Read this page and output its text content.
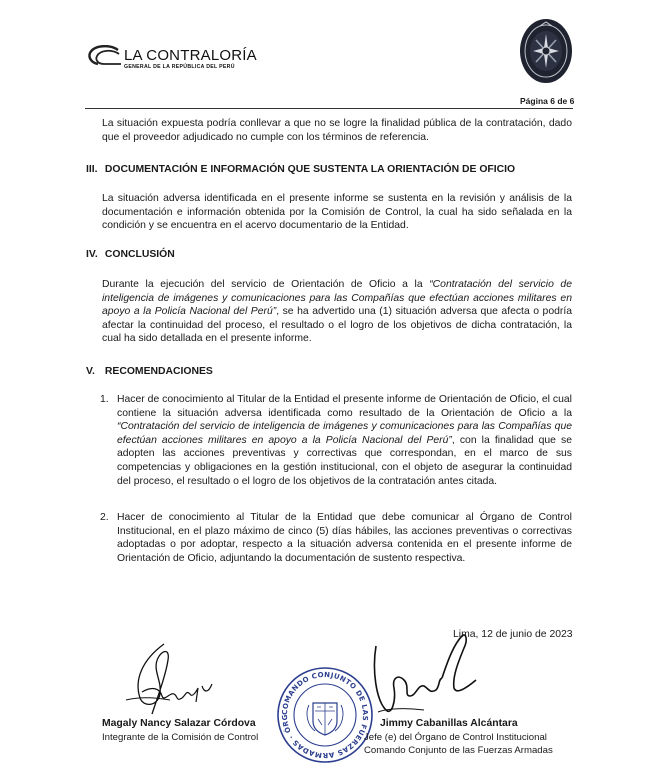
LA CONTRALORÍA
GENERAL DE LA REPÚBLICA DEL PERÚ
Página 6 de 6

La situación expuesta podría conllevar a que no se logre la finalidad pública de la contratación, dado que el proveedor adjudicado no cumple con los términos de referencia.

III. DOCUMENTACIÓN E INFORMACIÓN QUE SUSTENTA LA ORIENTACIÓN DE OFICIO

La situación adversa identificada en el presente informe se sustenta en la revisión y análisis de la documentación e información obtenida por la Comisión de Control, la cual ha sido señalada en la condición y se encuentra en el acervo documentario de la Entidad.

IV. CONCLUSIÓN

Durante la ejecución del servicio de Orientación de Oficio a la “Contratación del servicio de inteligencia de imágenes y comunicaciones para las Compañías que efectúan acciones militares en apoyo a la Policía Nacional del Perú”, se ha advertido una (1) situación adversa que afecta o podría afectar la continuidad del proceso, el resultado o el logro de los objetivos de dicha contratación, la cual ha sido detallada en el presente informe.

V. RECOMENDACIONES
1. Hacer de conocimiento al Titular de la Entidad el presente informe de Orientación de Oficio, el cual contiene la situación adversa identificada como resultado de la Orientación de Oficio a la “Contratación del servicio de inteligencia de imágenes y comunicaciones para las Compañías que efectúan acciones militares en apoyo a la Policía Nacional del Perú”, con la finalidad que se adopten las acciones preventivas y correctivas que correspondan, en el marco de sus competencias y obligaciones en la gestión institucional, con el objeto de asegurar la continuidad del proceso, el resultado o el logro de los objetivos de la contratación antes citada.

2. Hacer de conocimiento al Titular de la Entidad que debe comunicar al Órgano de Control Institucional, en el plazo máximo de cinco (5) días hábiles, las acciones preventivas o correctivas adoptadas o por adoptar, respecto a la situación adversa contenida en el presente informe de Orientación de Oficio, adjuntando la documentación de sustento respectiva.

Lima, 12 de junio de 2023
COMANDO CONJUNTO DE LAS FUERZAS ARMADAS · ÓRG
Magaly Nancy Salazar Córdova
Integrante de la Comisión de Control
Jimmy Cabanillas Alcántara
Jefe (e) del Órgano de Control Institucional
Comando Conjunto de las Fuerzas Armadas
